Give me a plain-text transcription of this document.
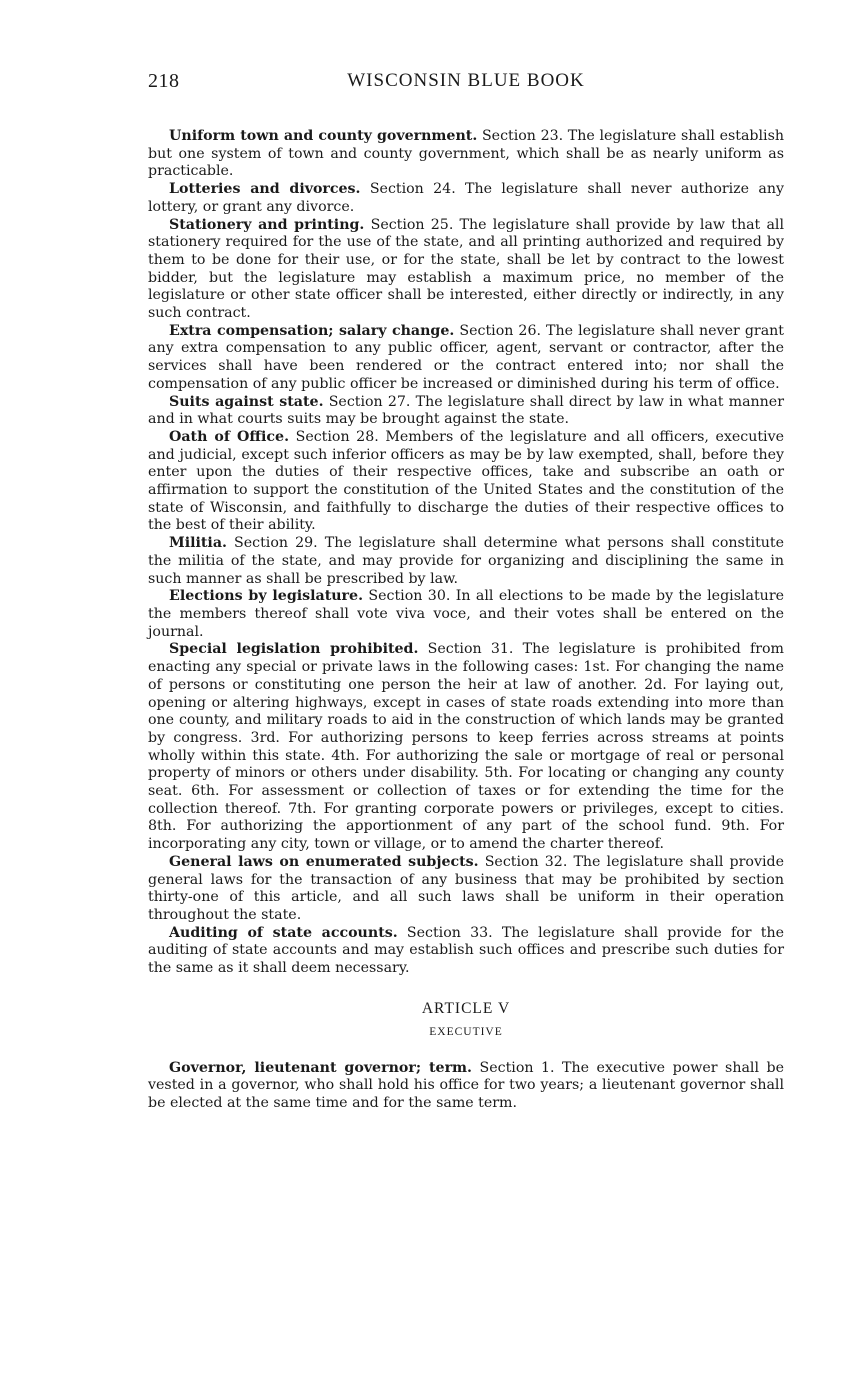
218	WISCONSIN BLUE BOOK

Uniform town and county government. Section 23. The legislature shall establish but one system of town and county government, which shall be as nearly uniform as practicable.

Lotteries and divorces. Section 24. The legislature shall never authorize any lottery, or grant any divorce.

Stationery and printing. Section 25. The legislature shall provide by law that all stationery required for the use of the state, and all printing authorized and required by them to be done for their use, or for the state, shall be let by contract to the lowest bidder, but the legislature may establish a maximum price, no member of the legislature or other state officer shall be interested, either directly or indirectly, in any such contract.

Extra compensation; salary change. Section 26. The legislature shall never grant any extra compensation to any public officer, agent, servant or contractor, after the services shall have been rendered or the contract entered into; nor shall the compensation of any public officer be increased or diminished during his term of office.

Suits against state. Section 27. The legislature shall direct by law in what manner and in what courts suits may be brought against the state.

Oath of Office. Section 28. Members of the legislature and all officers, executive and judicial, except such inferior officers as may be by law exempted, shall, before they enter upon the duties of their respective offices, take and subscribe an oath or affirmation to support the constitution of the United States and the constitution of the state of Wisconsin, and faithfully to discharge the duties of their respective offices to the best of their ability.

Militia. Section 29. The legislature shall determine what persons shall constitute the militia of the state, and may provide for organizing and disciplining the same in such manner as shall be prescribed by law.

Elections by legislature. Section 30. In all elections to be made by the legislature the members thereof shall vote viva voce, and their votes shall be entered on the journal.

Special legislation prohibited. Section 31. The legislature is prohibited from enacting any special or private laws in the following cases: 1st. For changing the name of persons or constituting one person the heir at law of another. 2d. For laying out, opening or altering highways, except in cases of state roads extending into more than one county, and military roads to aid in the construction of which lands may be granted by congress. 3rd. For authorizing persons to keep ferries across streams at points wholly within this state. 4th. For authorizing the sale or mortgage of real or personal property of minors or others under disability. 5th. For locating or changing any county seat. 6th. For assessment or collection of taxes or for extending the time for the collection thereof. 7th. For granting corporate powers or privileges, except to cities. 8th. For authorizing the apportionment of any part of the school fund. 9th. For incorporating any city, town or village, or to amend the charter thereof.

General laws on enumerated subjects. Section 32. The legislature shall provide general laws for the transaction of any business that may be prohibited by section thirty-one of this article, and all such laws shall be uniform in their operation throughout the state.

Auditing of state accounts. Section 33. The legislature shall provide for the auditing of state accounts and may establish such offices and prescribe such duties for the same as it shall deem necessary.

ARTICLE V
EXECUTIVE

Governor, lieutenant governor; term. Section 1. The executive power shall be vested in a governor, who shall hold his office for two years; a lieutenant governor shall be elected at the same time and for the same term.
